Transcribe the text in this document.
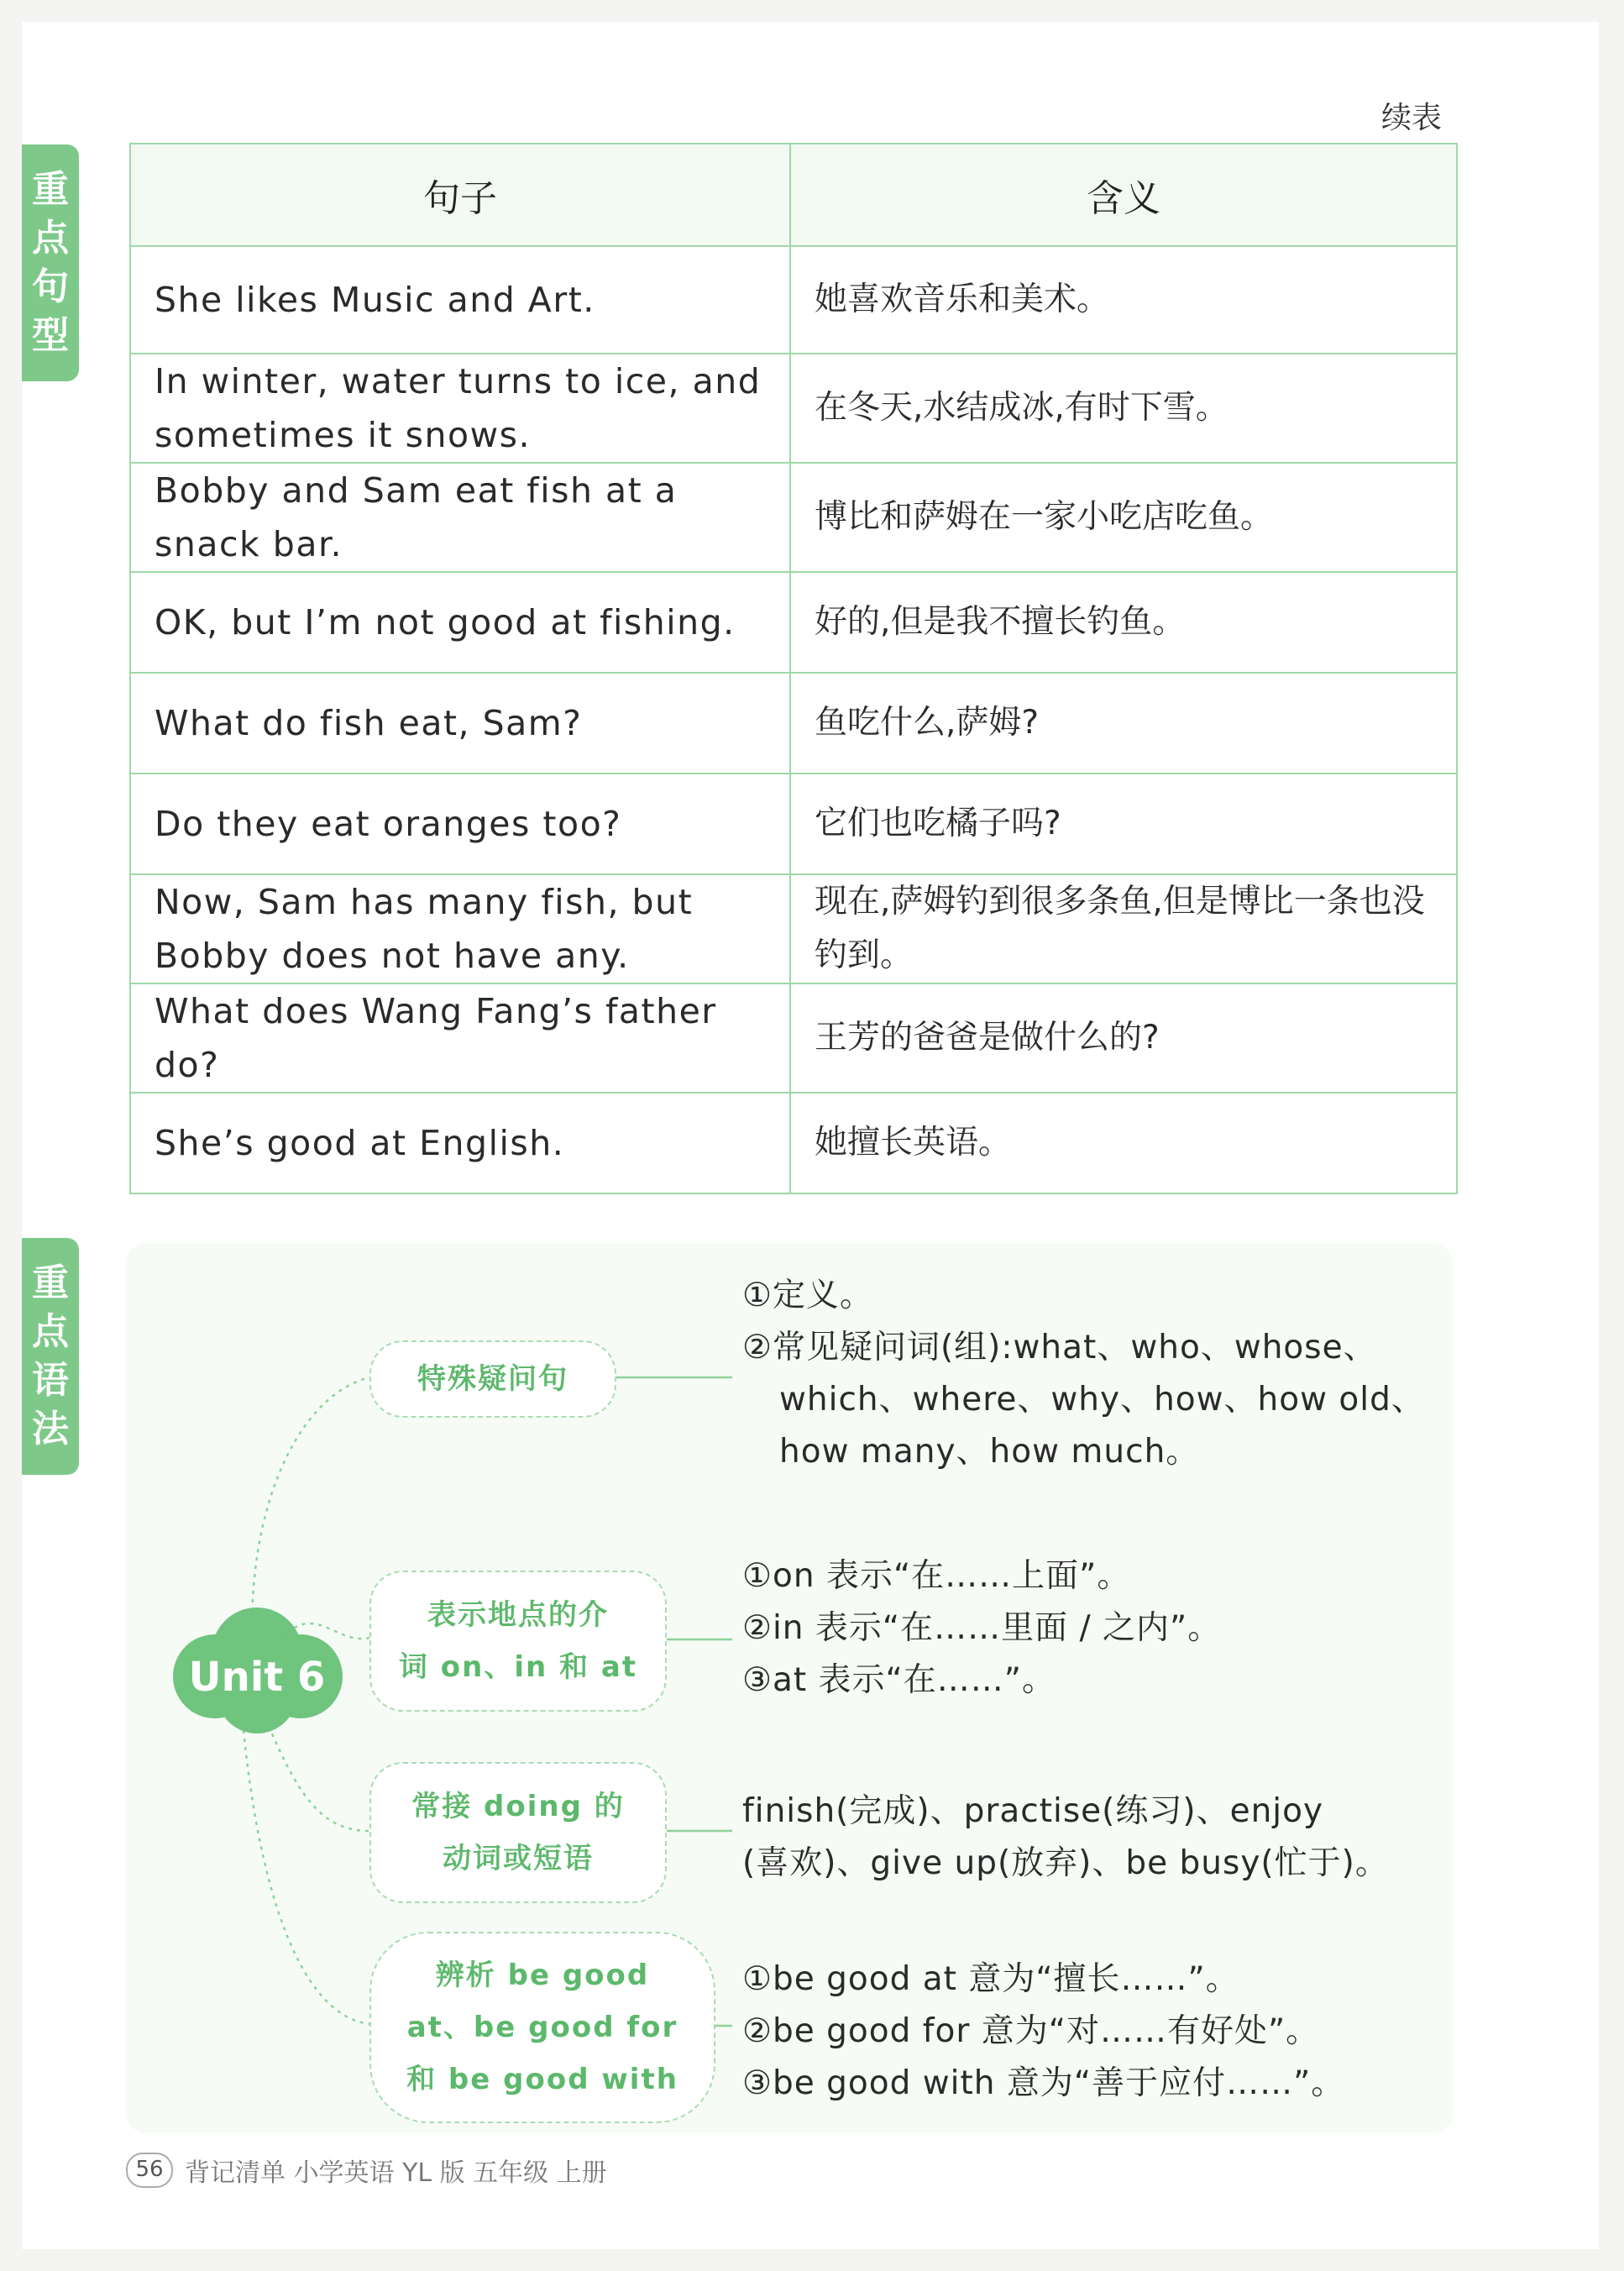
续表
重
点
句
型
重
点
语
法
句子	含义
She likes Music and Art.	她喜欢音乐和美术。
In winter, water turns to ice, and sometimes it snows.	在冬天,水结成冰,有时下雪。
Bobby and Sam eat fish at a snack bar.	博比和萨姆在一家小吃店吃鱼。
OK, but I’m not good at fishing.	好的,但是我不擅长钓鱼。
What do fish eat, Sam?	鱼吃什么,萨姆?
Do they eat oranges too?	它们也吃橘子吗?
Now, Sam has many fish, but Bobby does not have any.	现在,萨姆钓到很多条鱼,但是博比一条也没钓到。
What does Wang Fang’s father do?	王芳的爸爸是做什么的?
She’s good at English.	她擅长英语。
Unit 6
特殊疑问句
表示地点的介
词 on、in 和 at
常接 doing 的
动词或短语
辨析 be good
at、be good for
和 be good with
①定义。
②常见疑问词(组):what、who、whose、
which、where、why、how、how old、
how many、how much。
①on 表示“在……上面”。
②in 表示“在……里面 / 之内”。
③at 表示“在……”。
finish(完成)、practise(练习)、enjoy
(喜欢)、give up(放弃)、be busy(忙于)。
①be good at 意为“擅长……”。
②be good for 意为“对……有好处”。
③be good with 意为“善于应付……”。
56 背记清单 小学英语 YL 版 五年级 上册
